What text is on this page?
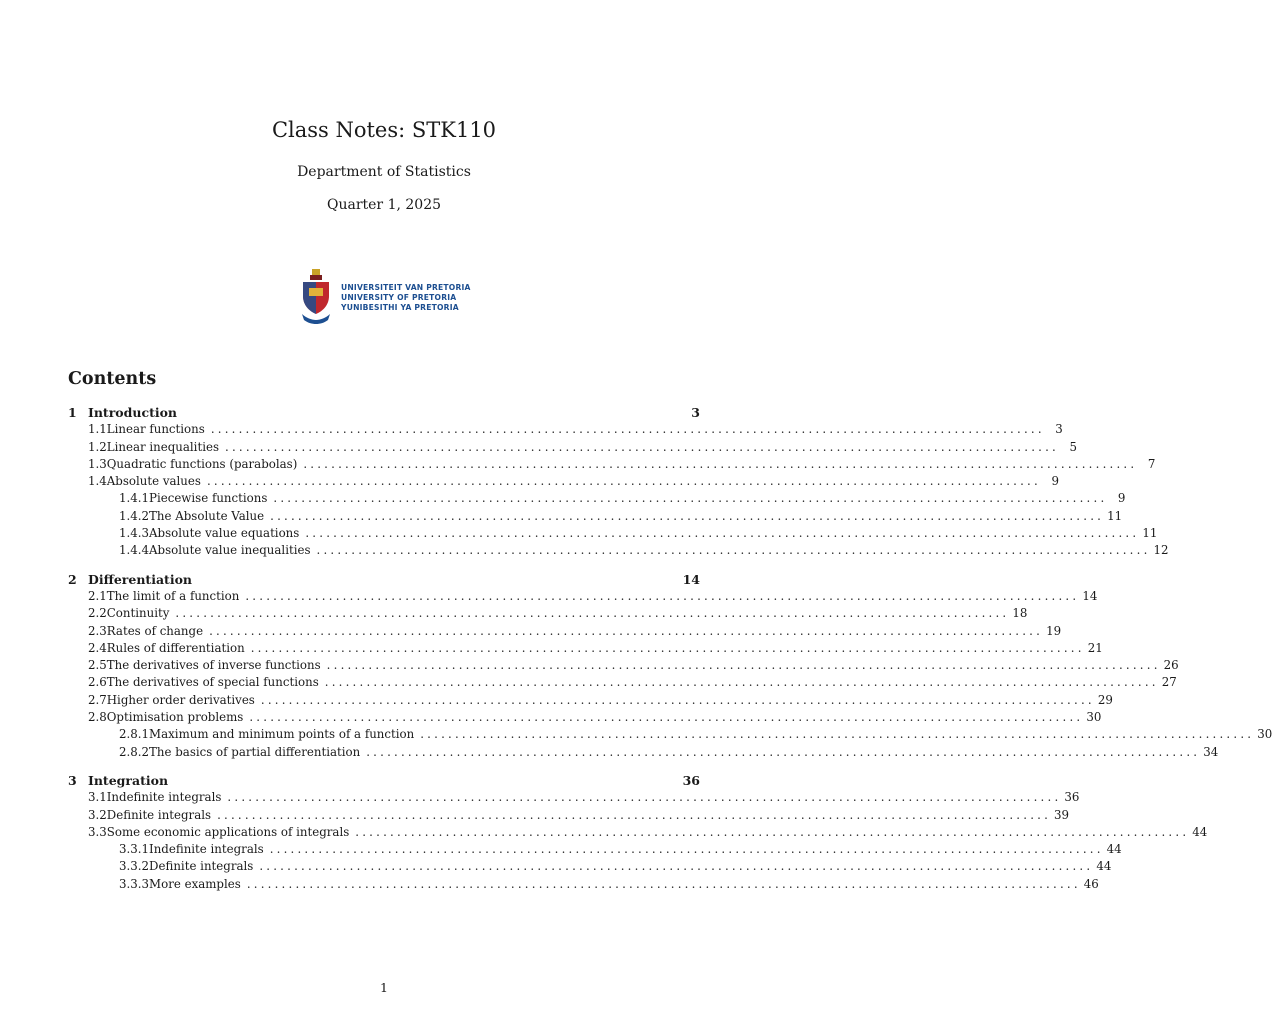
Class Notes: STK110
Department of Statistics
Quarter 1, 2025
UNIVERSITEIT VAN PRETORIA
UNIVERSITY OF PRETORIA
YUNIBESITHI YA PRETORIA
Contents
1 Introduction	3
1.1 Linear functions ........................................................................................................................ 3
1.2 Linear inequalities ........................................................................................................................ 5
1.3 Quadratic functions (parabolas) ........................................................................................................................ 7
1.4 Absolute values ........................................................................................................................ 9
1.4.1 Piecewise functions ........................................................................................................................ 9
1.4.2 The Absolute Value ........................................................................................................................ 11
1.4.3 Absolute value equations ........................................................................................................................ 11
1.4.4 Absolute value inequalities ........................................................................................................................ 12
2 Differentiation	14
2.1 The limit of a function ........................................................................................................................ 14
2.2 Continuity ........................................................................................................................ 18
2.3 Rates of change ........................................................................................................................ 19
2.4 Rules of differentiation ........................................................................................................................ 21
2.5 The derivatives of inverse functions ........................................................................................................................ 26
2.6 The derivatives of special functions ........................................................................................................................ 27
2.7 Higher order derivatives ........................................................................................................................ 29
2.8 Optimisation problems ........................................................................................................................ 30
2.8.1 Maximum and minimum points of a function ........................................................................................................................ 30
2.8.2 The basics of partial differentiation ........................................................................................................................ 34
3 Integration	36
3.1 Indefinite integrals ........................................................................................................................ 36
3.2 Definite integrals ........................................................................................................................ 39
3.3 Some economic applications of integrals ........................................................................................................................ 44
3.3.1 Indefinite integrals ........................................................................................................................ 44
3.3.2 Definite integrals ........................................................................................................................ 44
3.3.3 More examples ........................................................................................................................ 46
1
